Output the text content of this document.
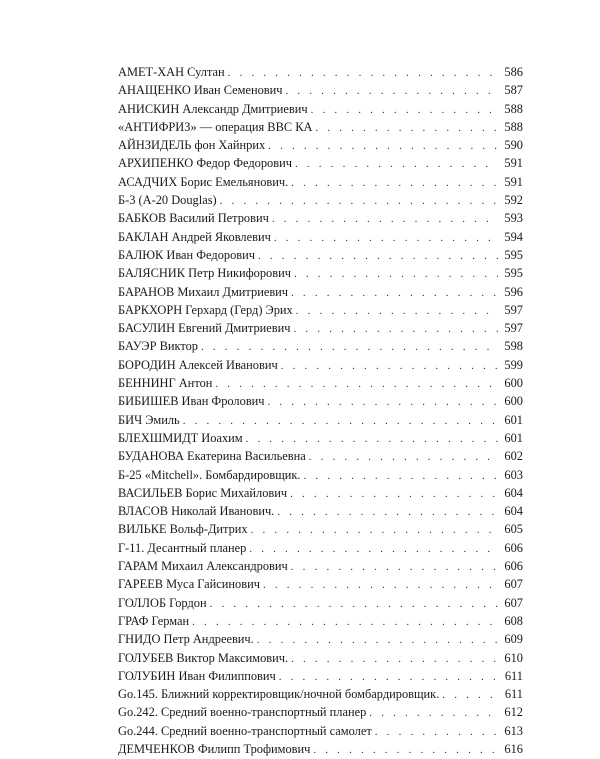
АМЕТ-ХАН Султан . . .	586
АНАЩЕНКО Иван Семенович . . .	587
АНИСКИН Александр Дмитриевич . . .	588
«АНТИФРИЗ» — операция ВВС КА . . .	588
АЙНЗИДЕЛЬ фон Хайнрих . . .	590
АРХИПЕНКО Федор Федорович . . .	591
АСАДЧИХ Борис Емельянович. . . .	591
Б-3 (А-20 Douglas) . . .	592
БАБКОВ Василий Петрович . . .	593
БАКЛАН Андрей Яковлевич . . .	594
БАЛЮК Иван Федорович . . .	595
БАЛЯСНИК Петр Никифорович . . .	595
БАРАНОВ Михаил Дмитриевич . . .	596
БАРКХОРН Герхард (Герд) Эрих . . .	597
БАСУЛИН Евгений Дмитриевич . . .	597
БАУЭР Виктор . . .	598
БОРОДИН Алексей Иванович . . .	599
БЕННИНГ Антон . . .	600
БИБИШЕВ Иван Фролович . . .	600
БИЧ Эмиль . . .	601
БЛЕХШМИДТ Иоахим . . .	601
БУДАНОВА Екатерина Васильевна . . .	602
Б-25 «Mitchell». Бомбардировщик. . . .	603
ВАСИЛЬЕВ Борис Михайлович . . .	604
ВЛАСОВ Николай Иванович. . . .	604
ВИЛЬКЕ Вольф-Дитрих . . .	605
Г-11. Десантный планер . . .	606
ГАРАМ Михаил Александрович . . .	606
ГАРЕЕВ Муса Гайсинович . . .	607
ГОЛЛОБ Гордон . . .	607
ГРАФ Герман . . .	608
ГНИДО Петр Андреевич. . . .	609
ГОЛУБЕВ Виктор Максимович. . . .	610
ГОЛУБИН Иван Филиппович . . .	611
Go.145. Ближний корректировщик/ночной бомбардировщик. . . .	611
Go.242. Средний военно-транспортный планер . . .	612
Go.244. Средний военно-транспортный самолет . . .	613
ДЕМЧЕНКОВ Филипп Трофимович . . .	616
